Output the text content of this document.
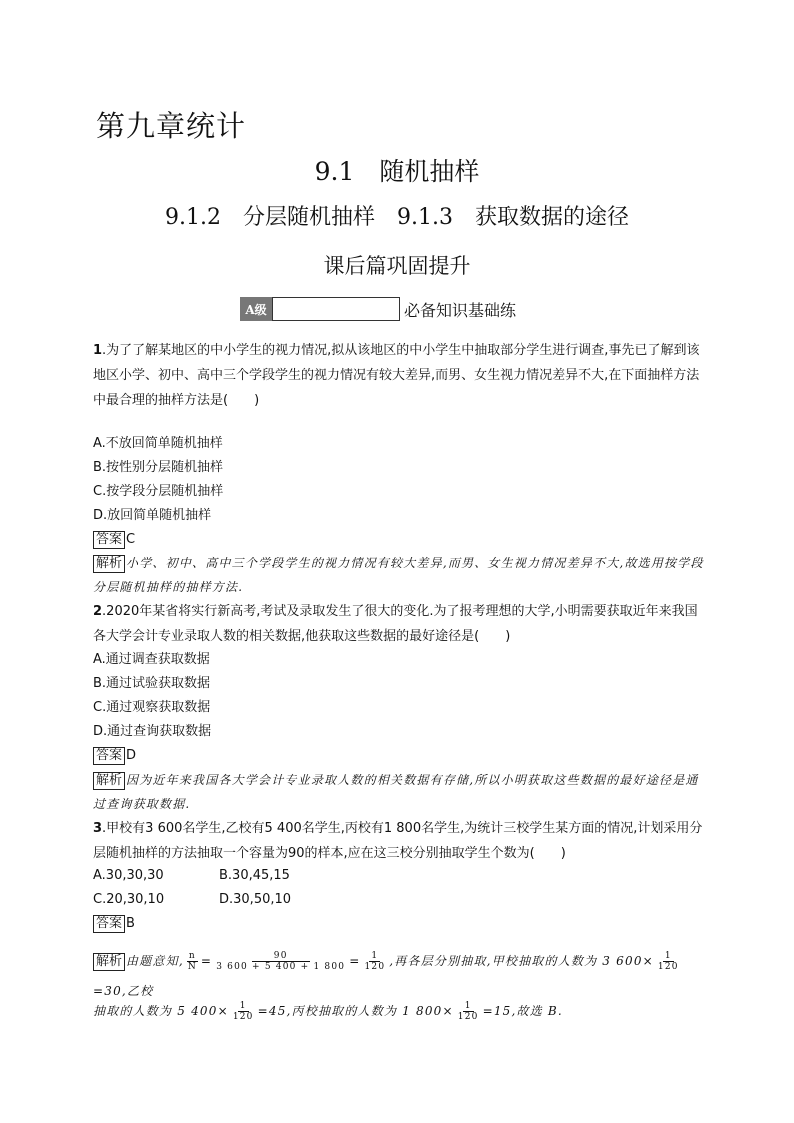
第九章统计
9.1　随机抽样
9.1.2　分层随机抽样　9.1.3　获取数据的途径
课后篇巩固提升
A级	必备知识基础练
1.为了了解某地区的中小学生的视力情况,拟从该地区的中小学生中抽取部分学生进行调查,事先已了解到该地区小学、初中、高中三个学段学生的视力情况有较大差异,而男、女生视力情况差异不大,在下面抽样方法中最合理的抽样方法是(　　)
A.不放回简单随机抽样
B.按性别分层随机抽样
C.按学段分层随机抽样
D.放回简单随机抽样
答案 C
解析 小学、初中、高中三个学段学生的视力情况有较大差异,而男、女生视力情况差异不大,故选用按学段分层随机抽样的抽样方法.
2.2020年某省将实行新高考,考试及录取发生了很大的变化.为了报考理想的大学,小明需要获取近年来我国各大学会计专业录取人数的相关数据,他获取这些数据的最好途径是(　　)
A.通过调查获取数据
B.通过试验获取数据
C.通过观察获取数据
D.通过查询获取数据
答案 D
解析 因为近年来我国各大学会计专业录取人数的相关数据有存储,所以小明获取这些数据的最好途径是通过查询获取数据.
3.甲校有3 600名学生,乙校有5 400名学生,丙校有1 800名学生,为统计三校学生某方面的情况,计划采用分层随机抽样的方法抽取一个容量为90的样本,应在这三校分别抽取学生个数为(　　)
A.30,30,30	B.30,45,15
C.20,30,10	D.30,50,10
答案 B
解析 由题意知, $\frac{n}{N} = \frac{90}{3 600 + 5 400 + 1 800} = \frac{1}{120}$ ,再各层分别抽取,甲校抽取的人数为 3 $600\times \frac{1}{120}$
=30,乙校
抽取的人数为 5 $400\times \frac{1}{120} =45$,丙校抽取的人数为 1 $800\times \frac{1}{120} =15$,故选 B.
